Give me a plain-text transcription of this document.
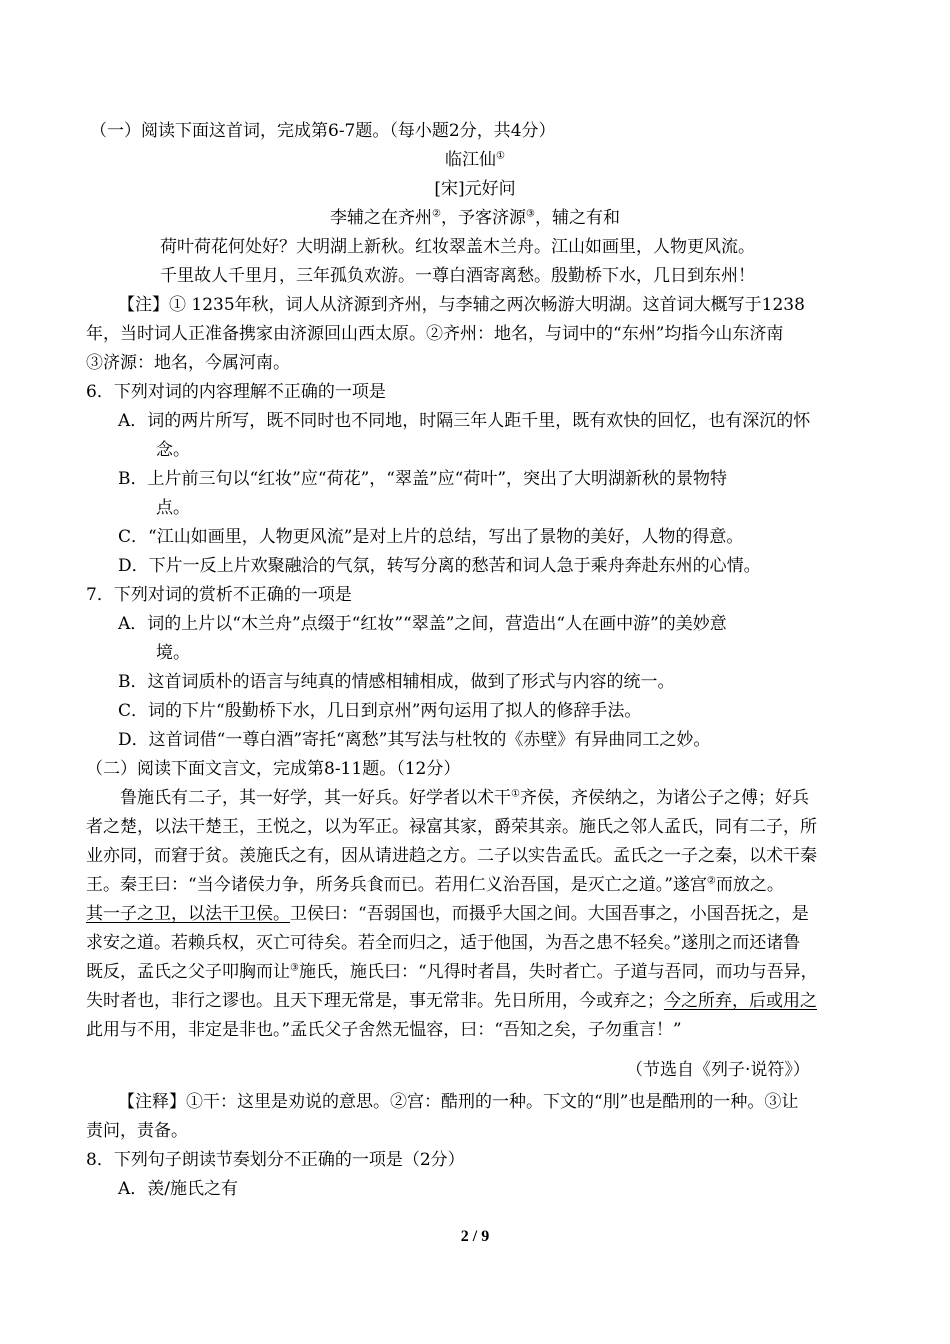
（一）阅读下面这首词，完成第6-7题。（每小题2分，共4分）
临江仙①
[宋]元好问
李辅之在齐州②，予客济源③，辅之有和
荷叶荷花何处好？大明湖上新秋。红妆翠盖木兰舟。江山如画里，人物更风流。
千里故人千里月，三年孤负欢游。一尊白酒寄离愁。殷勤桥下水，几日到东州！
【注】① 1235年秋，词人从济源到齐州，与李辅之两次畅游大明湖。这首词大概写于1238
年，当时词人正准备携家由济源回山西太原。②齐州：地名，与词中的“东州”均指今山东济南
③济源：地名，今属河南。
6．下列对词的内容理解不正确的一项是
A．词的两片所写，既不同时也不同地，时隔三年人距千里，既有欢快的回忆，也有深沉的怀
念。
B．上片前三句以“红妆”应“荷花”，“翠盖”应“荷叶”，突出了大明湖新秋的景物特
点。
C．“江山如画里，人物更风流”是对上片的总结，写出了景物的美好，人物的得意。
D．下片一反上片欢聚融洽的气氛，转写分离的愁苦和词人急于乘舟奔赴东州的心情。
7．下列对词的赏析不正确的一项是
A．词的上片以“木兰舟”点缀于“红妆”“翠盖”之间，营造出“人在画中游”的美妙意
境。
B．这首词质朴的语言与纯真的情感相辅相成，做到了形式与内容的统一。
C．词的下片“殷勤桥下水，几日到京州”两句运用了拟人的修辞手法。
D．这首词借“一尊白酒”寄托“离愁”其写法与杜牧的《赤壁》有异曲同工之妙。
（二）阅读下面文言文，完成第8-11题。（12分）
鲁施氏有二子，其一好学，其一好兵。好学者以术干①齐侯，齐侯纳之，为诸公子之傅；好兵
者之楚，以法干楚王，王悦之，以为军正。禄富其家，爵荣其亲。施氏之邻人孟氏，同有二子，所
业亦同，而窘于贫。羡施氏之有，因从请进趋之方。二子以实告孟氏。孟氏之一子之秦，以术干秦
王。秦王曰：“当今诸侯力争，所务兵食而已。若用仁义治吾国，是灭亡之道。”遂宫②而放之。
其一子之卫，以法干卫侯。卫侯曰：“吾弱国也，而摄乎大国之间。大国吾事之，小国吾抚之，是
求安之道。若赖兵权，灭亡可待矣。若全而归之，适于他国，为吾之患不轻矣。”遂刖之而还诸鲁
既反，孟氏之父子叩胸而让③施氏，施氏曰：“凡得时者昌，失时者亡。子道与吾同，而功与吾异，
失时者也，非行之谬也。且天下理无常是，事无常非。先日所用，今或弃之；今之所弃，后或用之
此用与不用，非定是非也。”孟氏父子舍然无愠容，曰：“吾知之矣，子勿重言！”
（节选自《列子·说符》）
【注释】①干：这里是劝说的意思。②宫：酷刑的一种。下文的“刖”也是酷刑的一种。③让
责问，责备。
8．下列句子朗读节奏划分不正确的一项是（2分）
A．羡/施氏之有
2 / 9
